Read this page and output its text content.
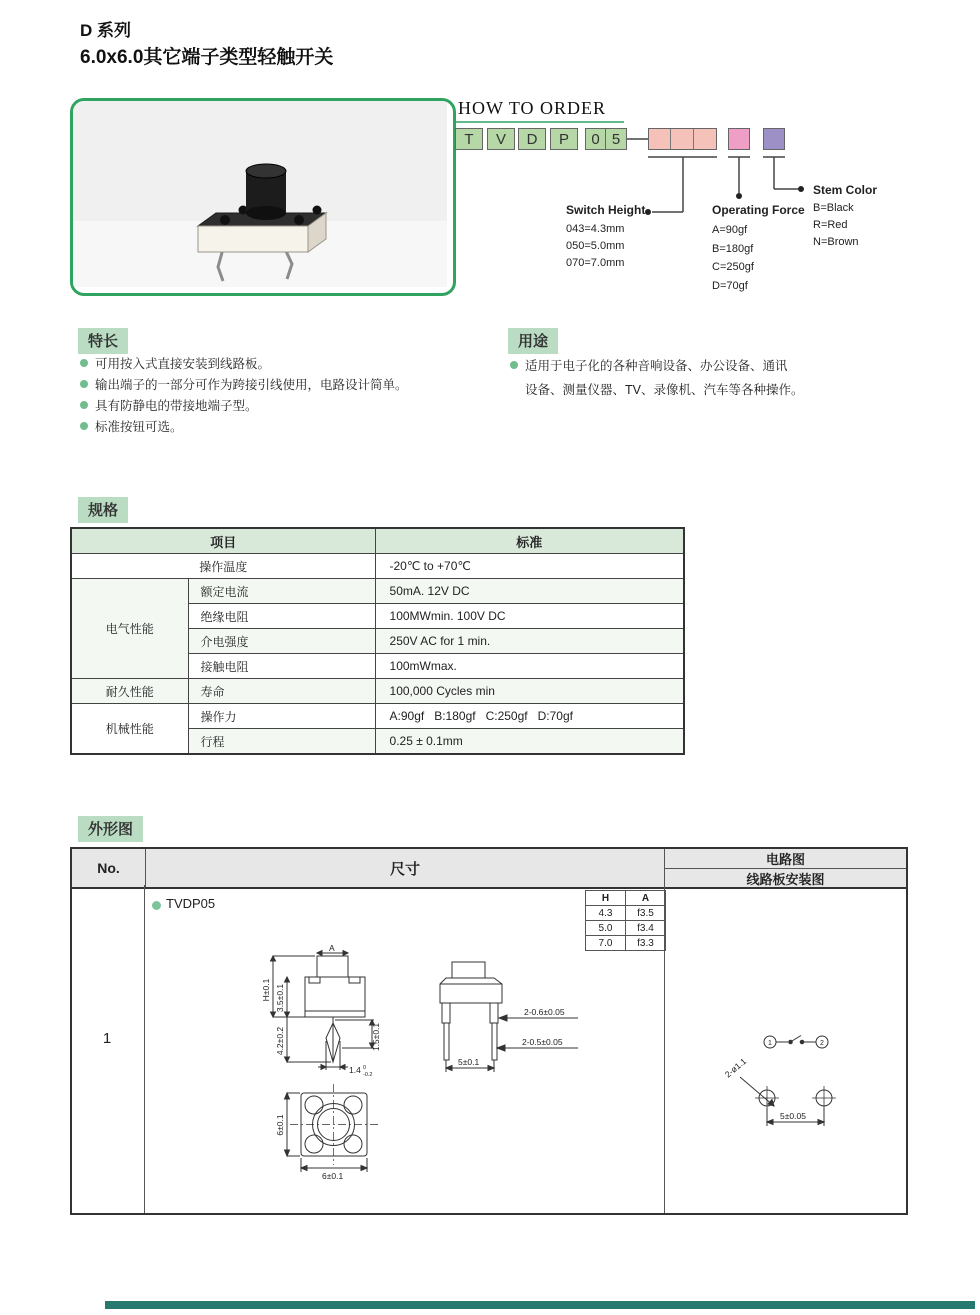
D 系列
6.0x6.0其它端子类型轻触开关
HOW TO ORDER
T V D P	0 5
Switch Height
043=4.3mm
050=5.0mm
070=7.0mm
Operating Force
A=90gf
B=180gf
C=250gf
D=70gf
Stem Color
B=Black
R=Red
N=Brown
特长
可用按入式直接安装到线路板。
输出端子的一部分可作为跨接引线使用，电路设计简单。
具有防静电的带接地端子型。
标准按钮可选。
用途
适用于电子化的各种音响设备、办公设备、通讯
设备、测量仪器、TV、录像机、汽车等各种操作。
规格
项目		标准
操作温度		-20℃ to +70℃
电气性能	额定电流	50mA. 12V DC
	绝缘电阻	100MWmin. 100V DC
	介电强度	250V AC for 1 min.
	接触电阻	100mWmax.
耐久性能	寿命	100,000 Cycles min
机械性能	操作力	A:90gf   B:180gf   C:250gf   D:70gf
	行程	0.25 ± 0.1mm
外形图
No.	尺寸
电路图
线路板安装图
1
TVDP05	H	A
4.3	f3.5
5.0	f3.4
7.0	f3.3
A
H±0.1 3.5±0.1
4.2±0.2	1.5±0.1
1.4 0
-0.2
2-0.6±0.05
2-0.5±0.05
5±0.1
6±0.1
6±0.1
1	2
2-ø1.1
5±0.05
